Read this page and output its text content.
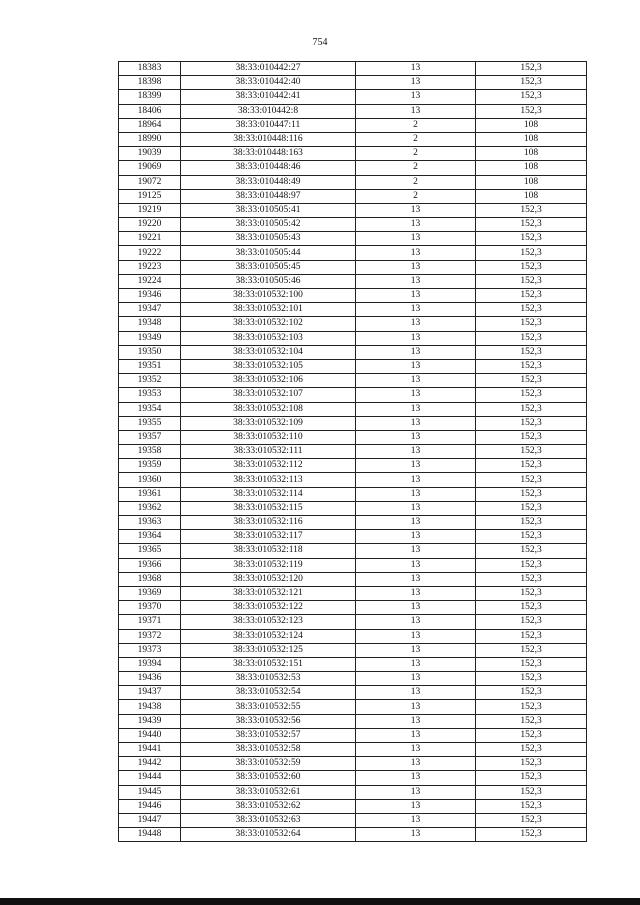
754
18383	38:33:010442:27	13	152,3
18398	38:33:010442:40	13	152,3
18399	38:33:010442:41	13	152,3
18406	38:33:010442:8	13	152,3
18964	38:33:010447:11	2	108
18990	38:33:010448:116	2	108
19039	38:33:010448:163	2	108
19069	38:33:010448:46	2	108
19072	38:33:010448:49	2	108
19125	38:33:010448:97	2	108
19219	38:33:010505:41	13	152,3
19220	38:33:010505:42	13	152,3
19221	38:33:010505:43	13	152,3
19222	38:33:010505:44	13	152,3
19223	38:33:010505:45	13	152,3
19224	38:33:010505:46	13	152,3
19346	38:33:010532:100	13	152,3
19347	38:33:010532:101	13	152,3
19348	38:33:010532:102	13	152,3
19349	38:33:010532:103	13	152,3
19350	38:33:010532:104	13	152,3
19351	38:33:010532:105	13	152,3
19352	38:33:010532:106	13	152,3
19353	38:33:010532:107	13	152,3
19354	38:33:010532:108	13	152,3
19355	38:33:010532:109	13	152,3
19357	38:33:010532:110	13	152,3
19358	38:33:010532:111	13	152,3
19359	38:33:010532:112	13	152,3
19360	38:33:010532:113	13	152,3
19361	38:33:010532:114	13	152,3
19362	38:33:010532:115	13	152,3
19363	38:33:010532:116	13	152,3
19364	38:33:010532:117	13	152,3
19365	38:33:010532:118	13	152,3
19366	38:33:010532:119	13	152,3
19368	38:33:010532:120	13	152,3
19369	38:33:010532:121	13	152,3
19370	38:33:010532:122	13	152,3
19371	38:33:010532:123	13	152,3
19372	38:33:010532:124	13	152,3
19373	38:33:010532:125	13	152,3
19394	38:33:010532:151	13	152,3
19436	38:33:010532:53	13	152,3
19437	38:33:010532:54	13	152,3
19438	38:33:010532:55	13	152,3
19439	38:33:010532:56	13	152,3
19440	38:33:010532:57	13	152,3
19441	38:33:010532:58	13	152,3
19442	38:33:010532:59	13	152,3
19444	38:33:010532:60	13	152,3
19445	38:33:010532:61	13	152,3
19446	38:33:010532:62	13	152,3
19447	38:33:010532:63	13	152,3
19448	38:33:010532:64	13	152,3
